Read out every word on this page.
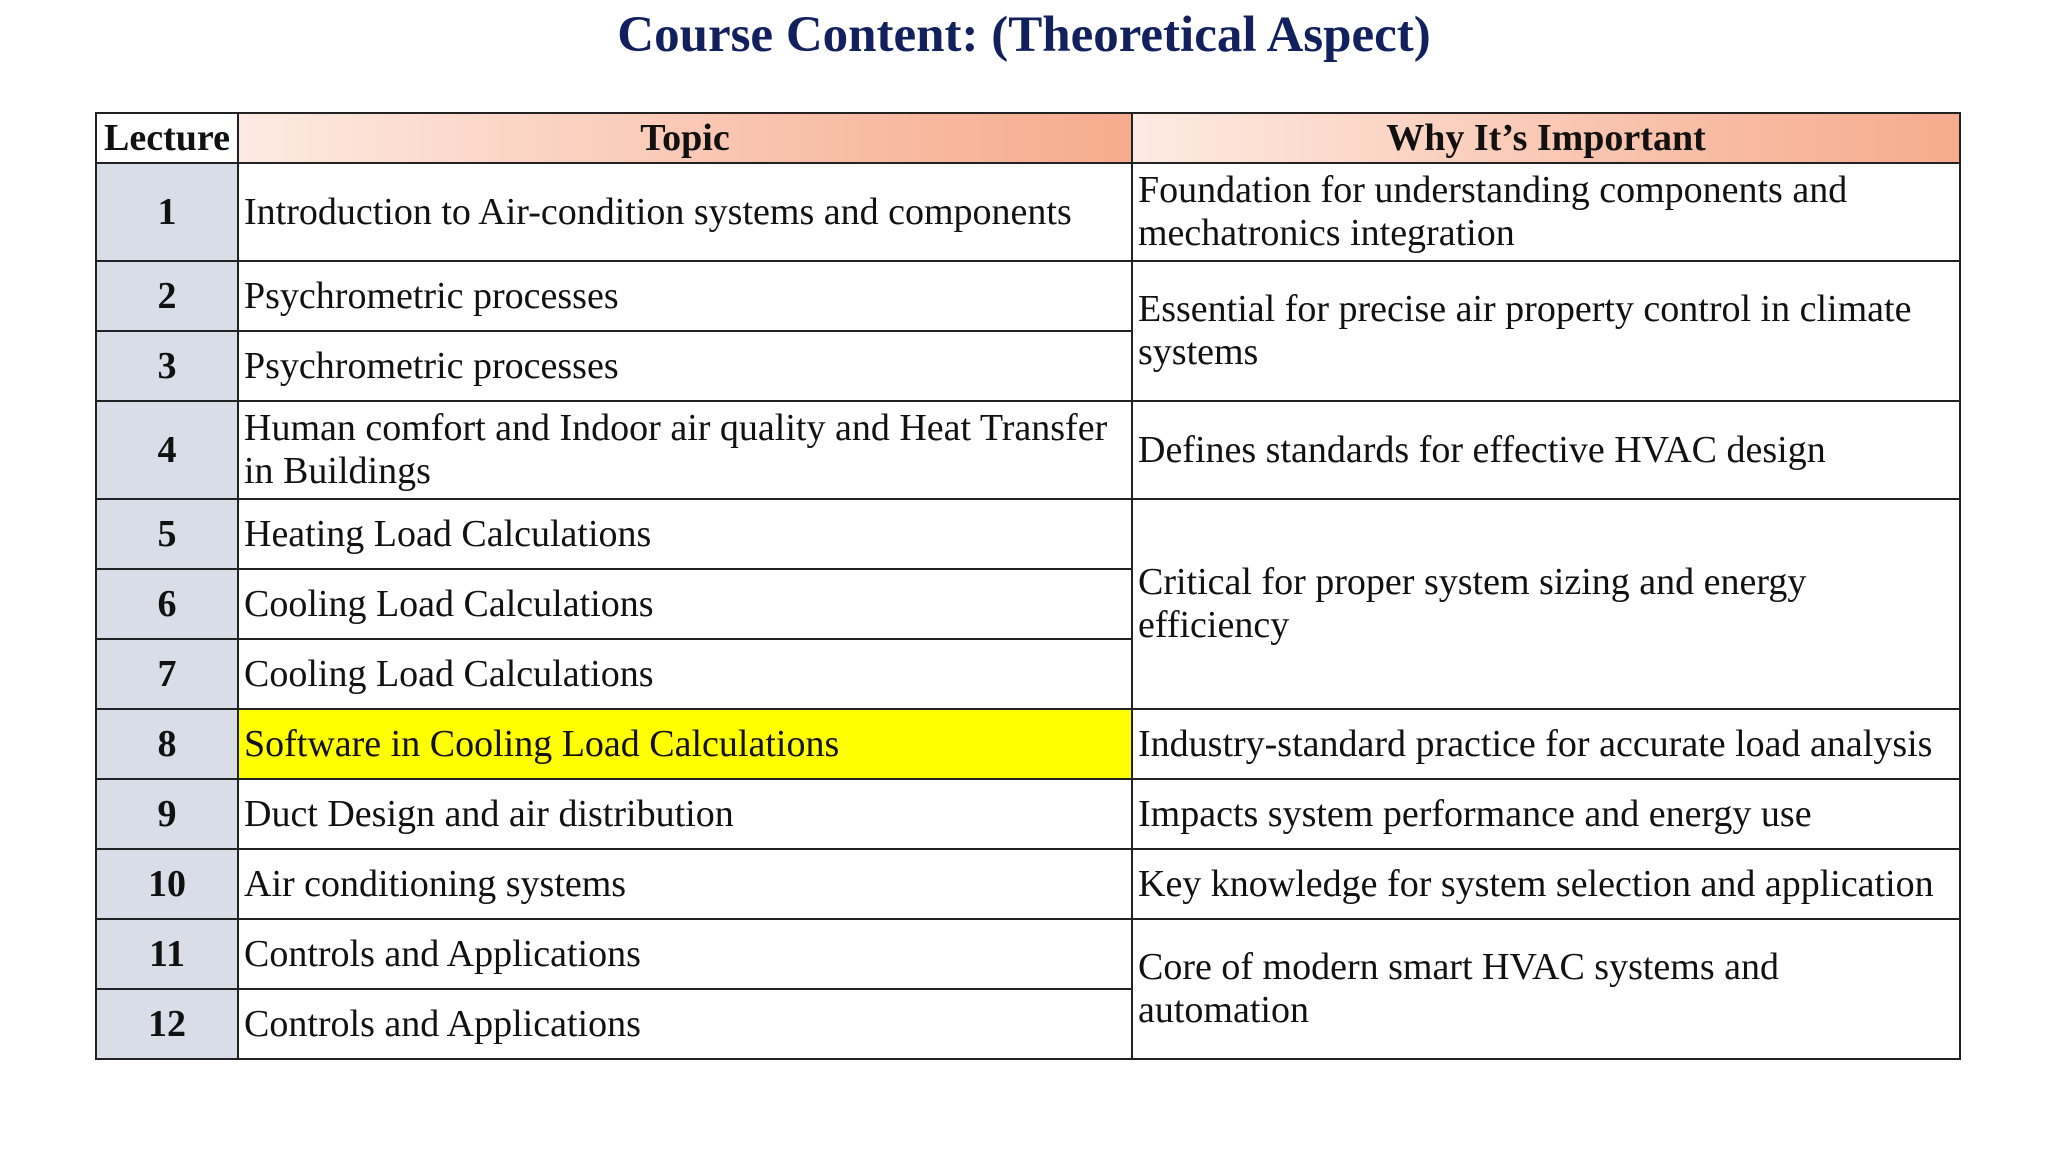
Course Content: (Theoretical Aspect)
Lecture	Topic	Why It’s Important
1	Introduction to Air-condition systems and components	Foundation for understanding components and mechatronics integration
2	Psychrometric processes	Essential for precise air property control in climate systems
3	Psychrometric processes	
4	Human comfort and Indoor air quality and Heat Transfer in Buildings	Defines standards for effective HVAC design
5	Heating Load Calculations	Critical for proper system sizing and energy efficiency
6	Cooling Load Calculations	
7	Cooling Load Calculations	
8	Software in Cooling Load Calculations	Industry-standard practice for accurate load analysis
9	Duct Design and air distribution	Impacts system performance and energy use
10	Air conditioning systems	Key knowledge for system selection and application
11	Controls and Applications	Core of modern smart HVAC systems and automation
12	Controls and Applications	
